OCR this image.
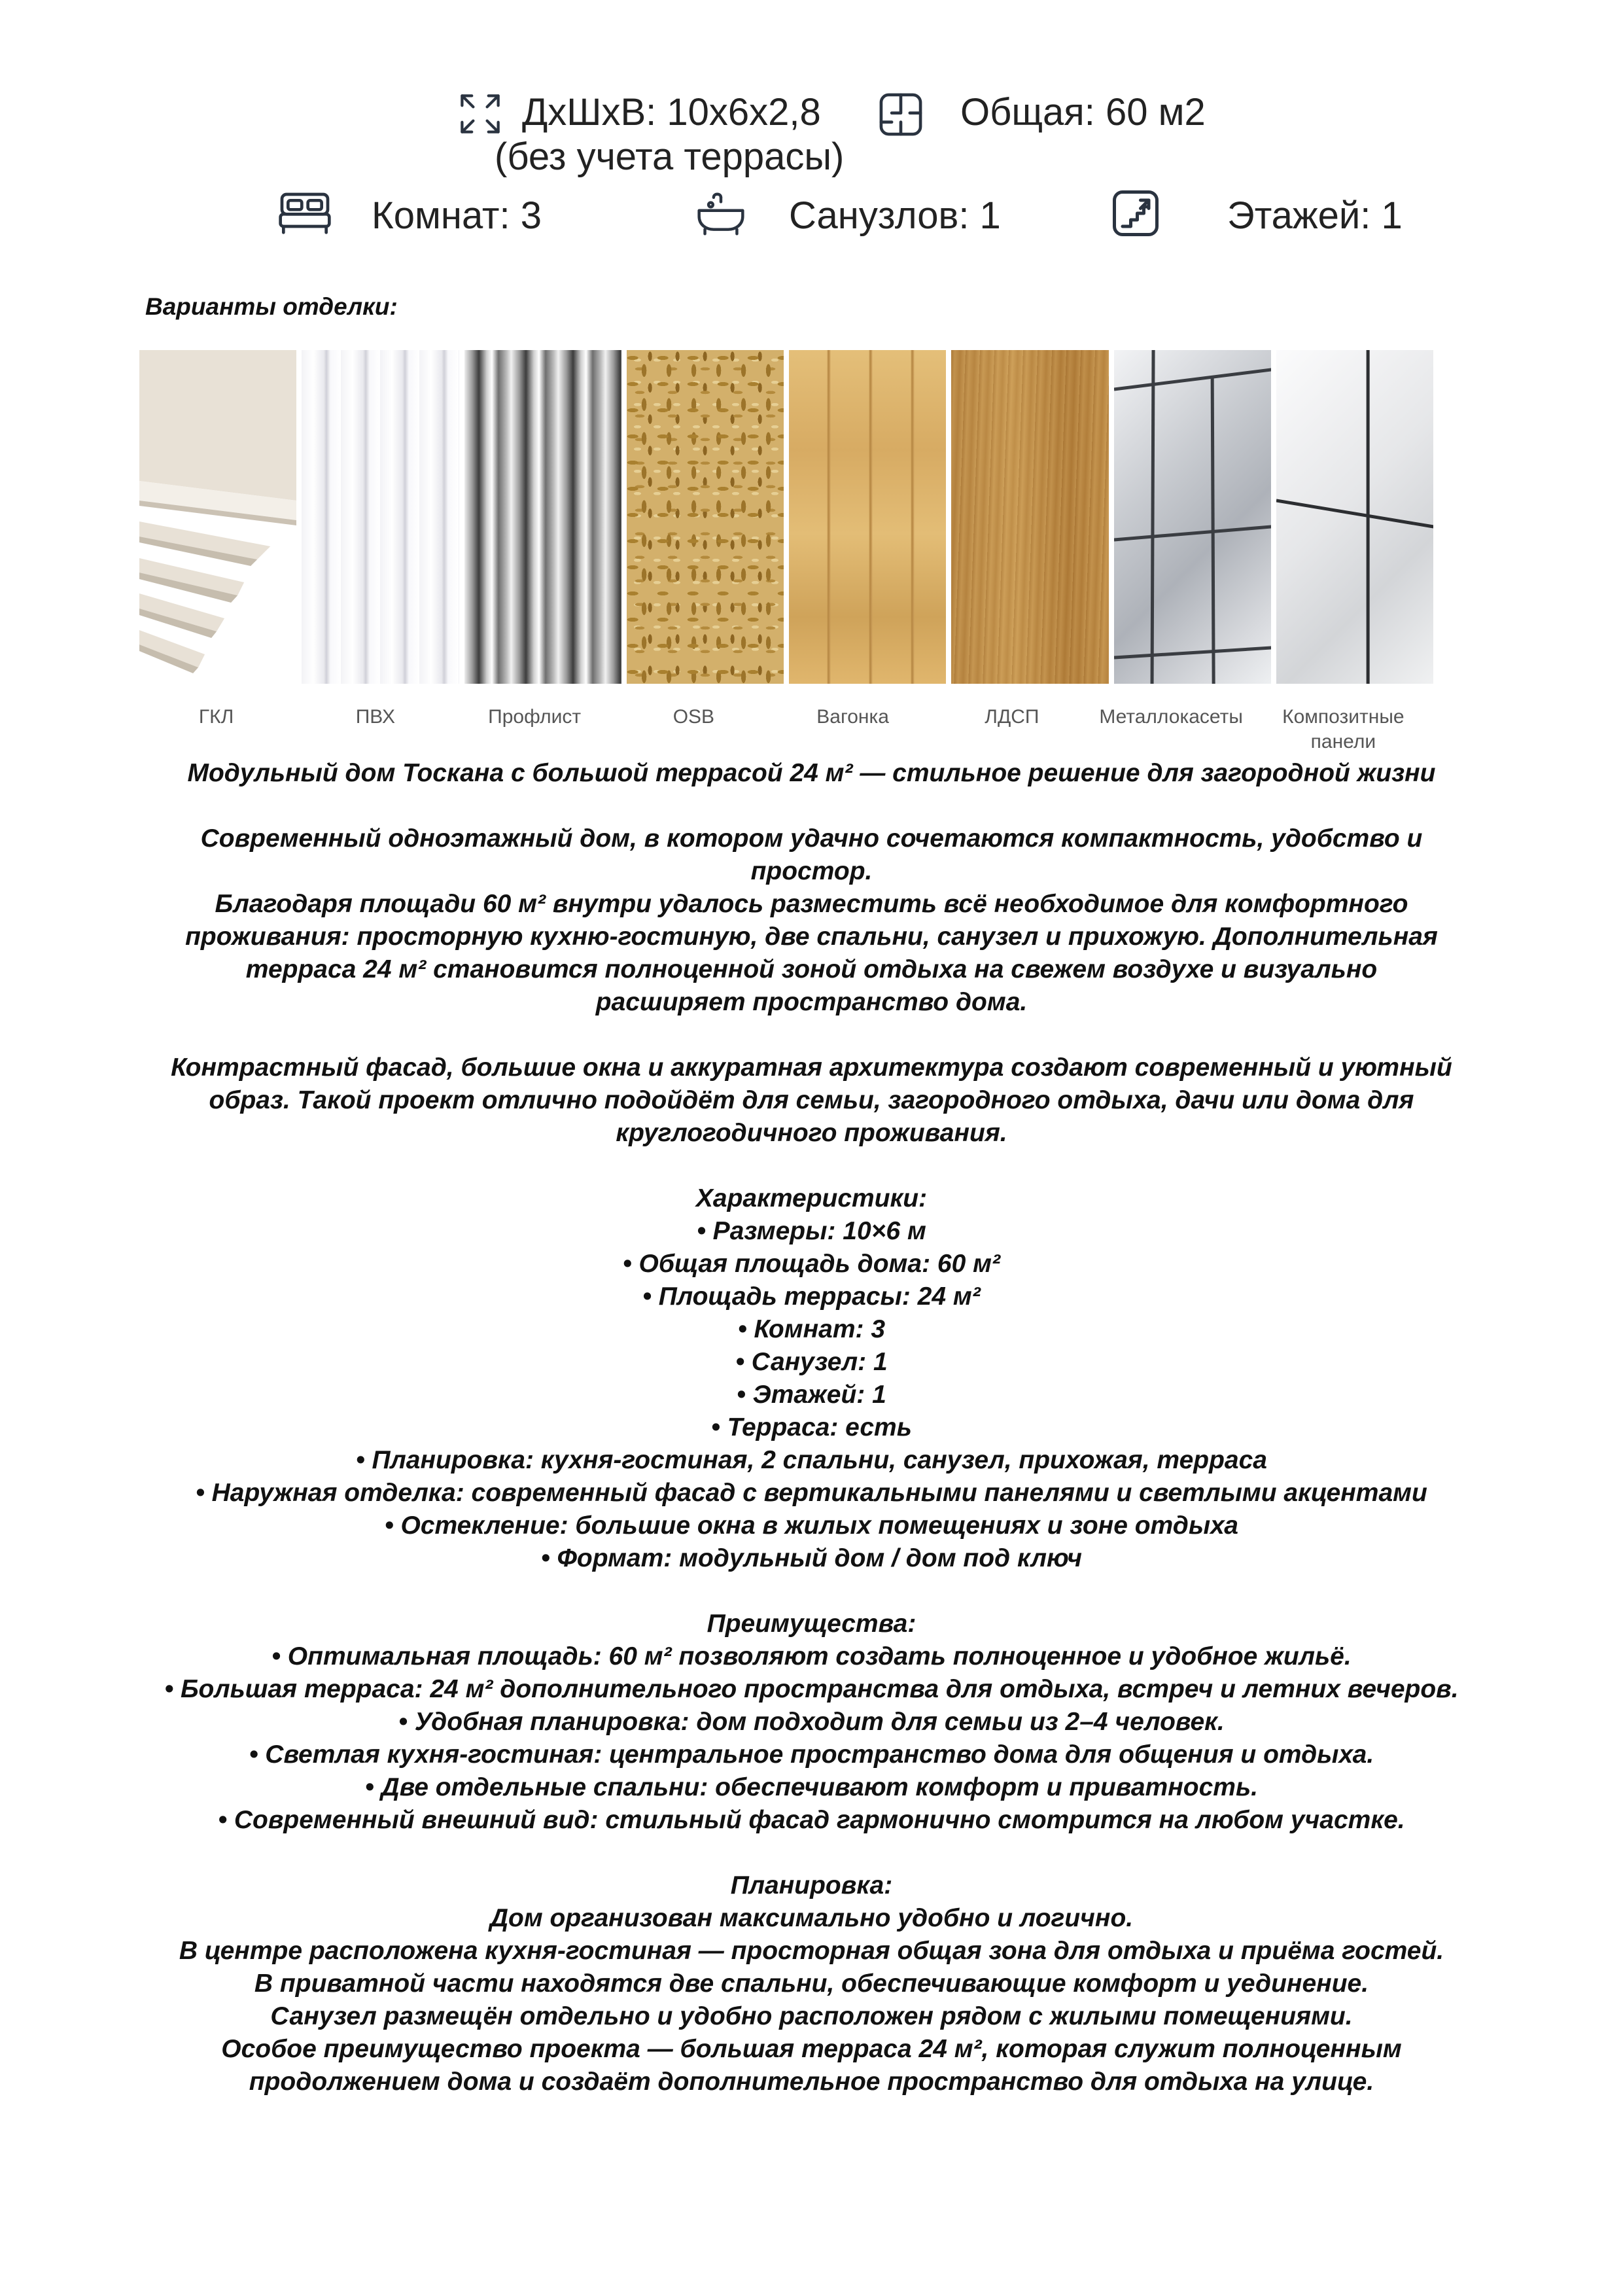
ДхШхВ: 10х6х2,8
(без учета террасы)
Общая: 60 м2
Комнат: 3	Санузлов: 1	Этажей: 1
Варианты отделки:
ГКЛ	ПВХ	Профлист	OSB	Вагонка	ЛДСП	Металлокасеты	Композитные панели
Модульный дом Тоскана с большой террасой 24 м² — стильное решение для загородной жизни
Современный одноэтажный дом, в котором удачно сочетаются компактность, удобство и
простор.
Благодаря площади 60 м² внутри удалось разместить всё необходимое для комфортного
проживания: просторную кухню-гостиную, две спальни, санузел и прихожую. Дополнительная
терраса 24 м² становится полноценной зоной отдыха на свежем воздухе и визуально
расширяет пространство дома.
Контрастный фасад, большие окна и аккуратная архитектура создают современный и уютный
образ. Такой проект отлично подойдёт для семьи, загородного отдыха, дачи или дома для
круглогодичного проживания.
Характеристики:
• Размеры: 10×6 м
• Общая площадь дома: 60 м²
• Площадь террасы: 24 м²
• Комнат: 3
• Санузел: 1
• Этажей: 1
• Терраса: есть
• Планировка: кухня-гостиная, 2 спальни, санузел, прихожая, терраса
• Наружная отделка: современный фасад с вертикальными панелями и светлыми акцентами
• Остекление: большие окна в жилых помещениях и зоне отдыха
• Формат: модульный дом / дом под ключ
Преимущества:
• Оптимальная площадь: 60 м² позволяют создать полноценное и удобное жильё.
• Большая терраса: 24 м² дополнительного пространства для отдыха, встреч и летних вечеров.
• Удобная планировка: дом подходит для семьи из 2–4 человек.
• Светлая кухня-гостиная: центральное пространство дома для общения и отдыха.
• Две отдельные спальни: обеспечивают комфорт и приватность.
• Современный внешний вид: стильный фасад гармонично смотрится на любом участке.
Планировка:
Дом организован максимально удобно и логично.
В центре расположена кухня-гостиная — просторная общая зона для отдыха и приёма гостей.
В приватной части находятся две спальни, обеспечивающие комфорт и уединение.
Санузел размещён отдельно и удобно расположен рядом с жилыми помещениями.
Особое преимущество проекта — большая терраса 24 м², которая служит полноценным
продолжением дома и создаёт дополнительное пространство для отдыха на улице.
